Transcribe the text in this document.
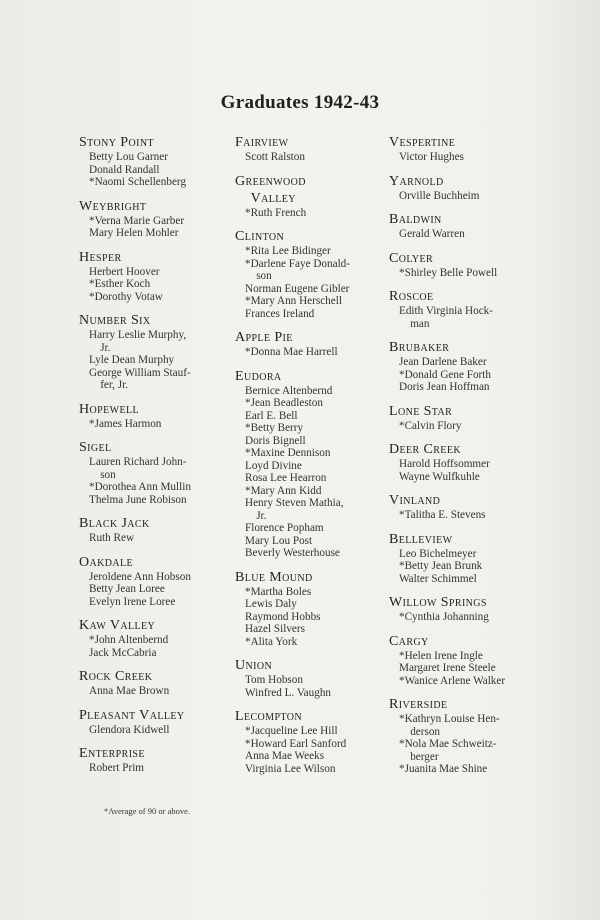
Graduates 1942-43
Stony Point
Betty Lou Garner
Donald Randall
*Naomi Schellenberg
Weybright
*Verna Marie Garber
Mary Helen Mohler
Hesper
Herbert Hoover
*Esther Koch
*Dorothy Votaw
Number Six
Harry Leslie Murphy,
Jr.
Lyle Dean Murphy
George William Stauf-
fer, Jr.
Hopewell
*James Harmon
Sigel
Lauren Richard John-
son
*Dorothea Ann Mullin
Thelma June Robison
Black Jack
Ruth Rew
Oakdale
Jeroldene Ann Hobson
Betty Jean Loree
Evelyn Irene Loree
Kaw Valley
*John Altenbernd
Jack McCabria
Rock Creek
Anna Mae Brown
Pleasant Valley
Glendora Kidwell
Enterprise
Robert Prim
Fairview
Scott Ralston
Greenwood
Valley
*Ruth French
Clinton
*Rita Lee Bidinger
*Darlene Faye Donald-
son
Norman Eugene Gibler
*Mary Ann Herschell
Frances Ireland
Apple Pie
*Donna Mae Harrell
Eudora
Bernice Altenbernd
*Jean Beadleston
Earl E. Bell
*Betty Berry
Doris Bignell
*Maxine Dennison
Loyd Divine
Rosa Lee Hearron
*Mary Ann Kidd
Henry Steven Mathia,
Jr.
Florence Popham
Mary Lou Post
Beverly Westerhouse
Blue Mound
*Martha Boles
Lewis Daly
Raymond Hobbs
Hazel Silvers
*Alita York
Union
Tom Hobson
Winfred L. Vaughn
Lecompton
*Jacqueline Lee Hill
*Howard Earl Sanford
Anna Mae Weeks
Virginia Lee Wilson
Vespertine
Victor Hughes
Yarnold
Orville Buchheim
Baldwin
Gerald Warren
Colyer
*Shirley Belle Powell
Roscoe
Edith Virginia Hock-
man
Brubaker
Jean Darlene Baker
*Donald Gene Forth
Doris Jean Hoffman
Lone Star
*Calvin Flory
Deer Creek
Harold Hoffsommer
Wayne Wulfkuhle
Vinland
*Talitha E. Stevens
Belleview
Leo Bichelmeyer
*Betty Jean Brunk
Walter Schimmel
Willow Springs
*Cynthia Johanning
Cargy
*Helen Irene Ingle
Margaret Irene Steele
*Wanice Arlene Walker
Riverside
*Kathryn Louise Hen-
derson
*Nola Mae Schweitz-
berger
*Juanita Mae Shine
*Average of 90 or above.
